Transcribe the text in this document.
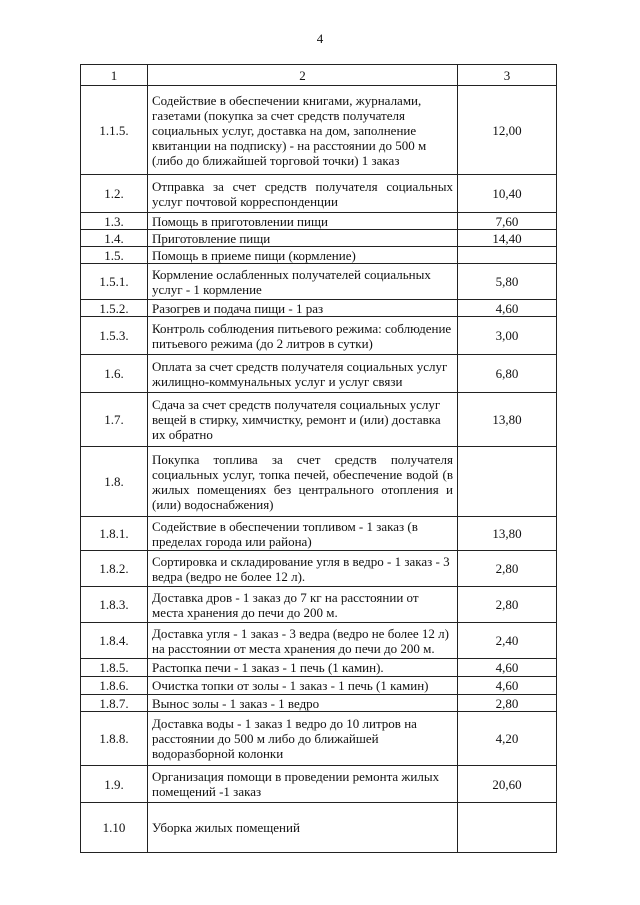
4
1	2	3
1.1.5.	Содействие в обеспечении книгами, журналами, газетами (покупка за счет средств получателя социальных услуг, доставка на дом, заполнение квитанции на подписку) - на расстоянии до 500 м (либо до ближайшей торговой точки) 1 заказ	12,00
1.2.	Отправка за счет средств получателя социальных услуг почтовой корреспонденции	10,40
1.3.	Помощь в приготовлении пищи	7,60
1.4.	Приготовление пищи	14,40
1.5.	Помощь в приеме пищи (кормление)	
1.5.1.	Кормление ослабленных получателей социальных услуг - 1 кормление	5,80
1.5.2.	Разогрев и подача пищи - 1 раз	4,60
1.5.3.	Контроль соблюдения питьевого режима: соблюдение питьевого режима (до 2 литров в сутки)	3,00
1.6.	Оплата за счет средств получателя социальных услуг жилищно-коммунальных услуг и услуг связи	6,80
1.7.	Сдача за счет средств получателя социальных услуг вещей в стирку, химчистку, ремонт и (или) доставка их обратно	13,80
1.8.	Покупка топлива за счет средств получателя социальных услуг, топка печей, обеспечение водой (в жилых помещениях без центрального отопления и (или) водоснабжения)	
1.8.1.	Содействие в обеспечении топливом - 1 заказ (в пределах города или района)	13,80
1.8.2.	Сортировка и складирование угля в ведро - 1 заказ - 3 ведра (ведро не более 12 л).	2,80
1.8.3.	Доставка дров - 1 заказ до 7 кг на расстоянии от места хранения до печи до 200 м.	2,80
1.8.4.	Доставка угля - 1 заказ - 3 ведра (ведро не более 12 л) на расстоянии от места хранения до печи до 200 м.	2,40
1.8.5.	Растопка печи - 1 заказ - 1 печь (1 камин).	4,60
1.8.6.	Очистка топки от золы - 1 заказ - 1 печь (1 камин)	4,60
1.8.7.	Вынос золы - 1 заказ - 1 ведро	2,80
1.8.8.	Доставка воды - 1 заказ 1 ведро до 10 литров на расстоянии до 500 м либо до ближайшей водоразборной колонки	4,20
1.9.	Организация помощи в проведении ремонта жилых помещений -1 заказ	20,60
1.10	Уборка жилых помещений	
